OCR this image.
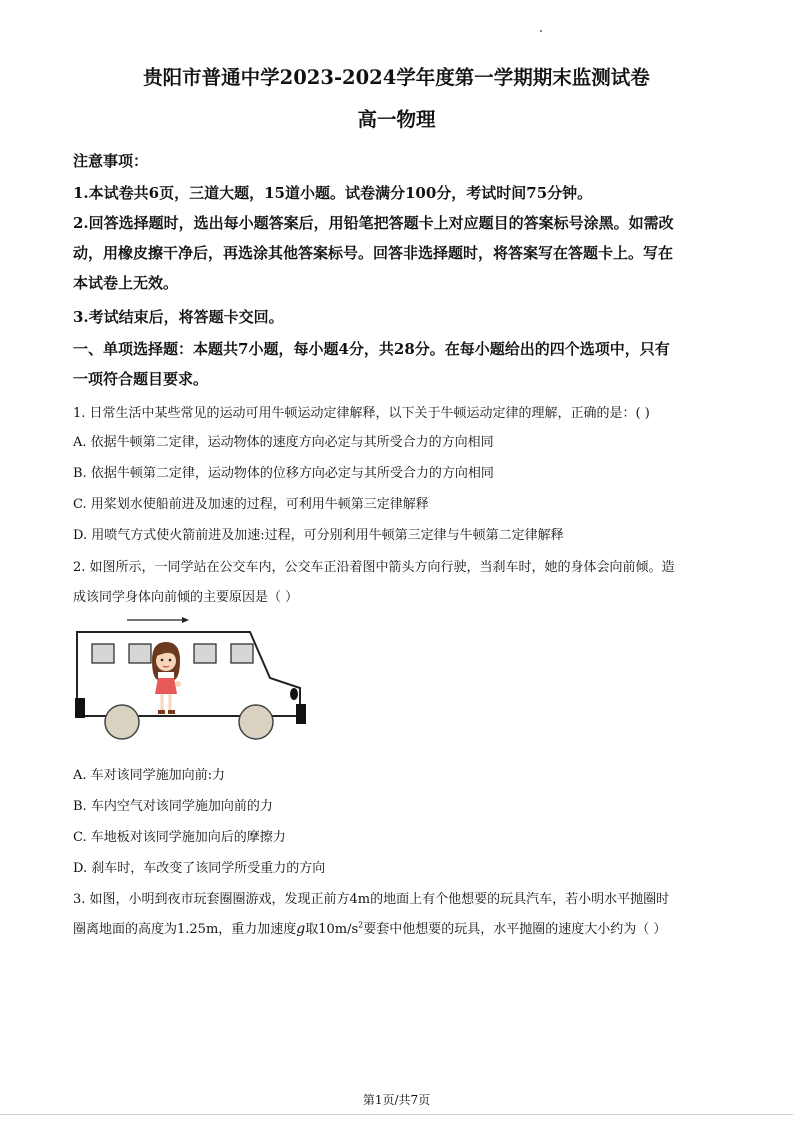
贵阳市普通中学2023-2024学年度第一学期期末监测试卷
高一物理
注意事项：
1.本试卷共6页，三道大题，15道小题。试卷满分100分，考试时间75分钟。
2.回答选择题时，选出每小题答案后，用铅笔把答题卡上对应题目的答案标号涂黑。如需改
动，用橡皮擦干净后，再选涂其他答案标号。回答非选择题时，将答案写在答题卡上。写在
本试卷上无效。
3.考试结束后，将答题卡交回。
一、单项选择题：本题共7小题，每小题4分，共28分。在每小题给出的四个选项中，只有
一项符合题目要求。
1. 日常生活中某些常见的运动可用牛顿运动定律解释，以下关于牛顿运动定律的理解，正确的是：( )
A. 依据牛顿第二定律，运动物体的速度方向必定与其所受合力的方向相同
B. 依据牛顿第二定律，运动物体的位移方向必定与其所受合力的方向相同
C. 用桨划水使船前进及加速的过程，可利用牛顿第三定律解释
D. 用喷气方式使火箭前进及加速:过程，可分别利用牛顿第三定律与牛顿第二定律解释
2. 如图所示，一同学站在公交车内，公交车正沿着图中箭头方向行驶，当刹车时，她的身体会向前倾。造
成该同学身体向前倾的主要原因是（ ）
A. 车对该同学施加向前:力
B. 车内空气对该同学施加向前的力
C. 车地板对该同学施加向后的摩擦力
D. 刹车时，车改变了该同学所受重力的方向
3. 如图，小明到夜市玩套圈圈游戏，发现正前方4m的地面上有个他想要的玩具汽车，若小明水平抛圈时
圈离地面的高度为1.25m，重力加速度g取$10m/s^2$要套中他想要的玩具，水平抛圈的速度大小约为（ ）
第1页/共7页
